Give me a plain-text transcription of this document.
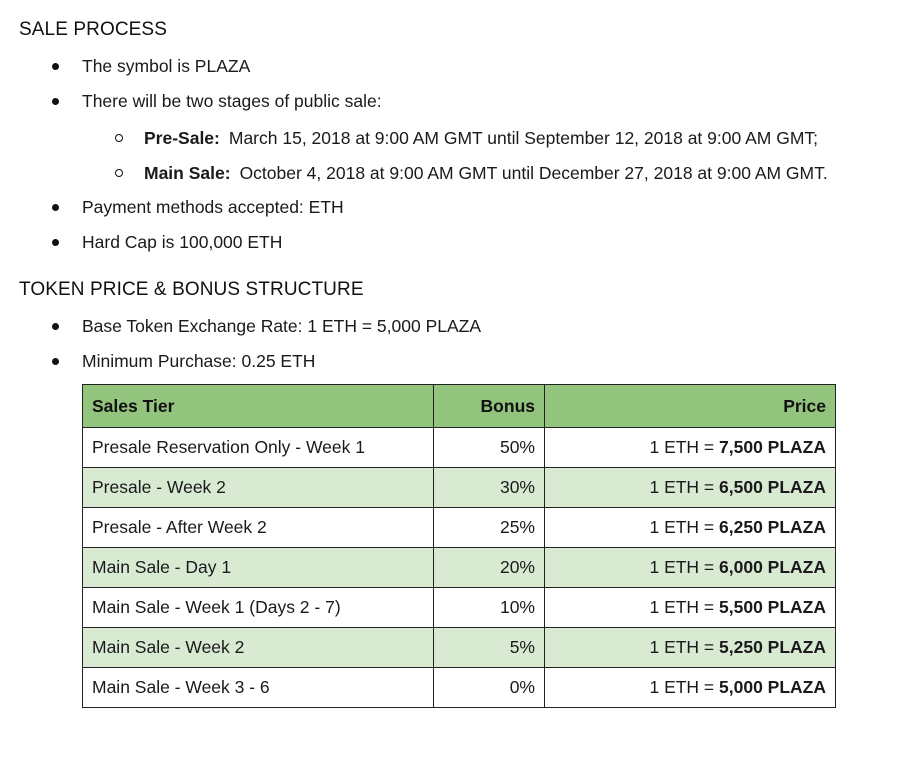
SALE PROCESS
The symbol is PLAZA
There will be two stages of public sale:
Pre-Sale: March 15, 2018 at 9:00 AM GMT until September 12, 2018 at 9:00 AM GMT;
Main Sale: October 4, 2018 at 9:00 AM GMT until December 27, 2018 at 9:00 AM GMT.
Payment methods accepted: ETH
Hard Cap is 100,000 ETH
TOKEN PRICE & BONUS STRUCTURE
Base Token Exchange Rate: 1 ETH = 5,000 PLAZA
Minimum Purchase: 0.25 ETH
Sales Tier	Bonus	Price
Presale Reservation Only - Week 1	50%	1 ETH = 7,500 PLAZA
Presale - Week 2	30%	1 ETH = 6,500 PLAZA
Presale - After Week 2	25%	1 ETH = 6,250 PLAZA
Main Sale - Day 1	20%	1 ETH = 6,000 PLAZA
Main Sale - Week 1 (Days 2 - 7)	10%	1 ETH = 5,500 PLAZA
Main Sale - Week 2	5%	1 ETH = 5,250 PLAZA
Main Sale - Week 3 - 6	0%	1 ETH = 5,000 PLAZA
